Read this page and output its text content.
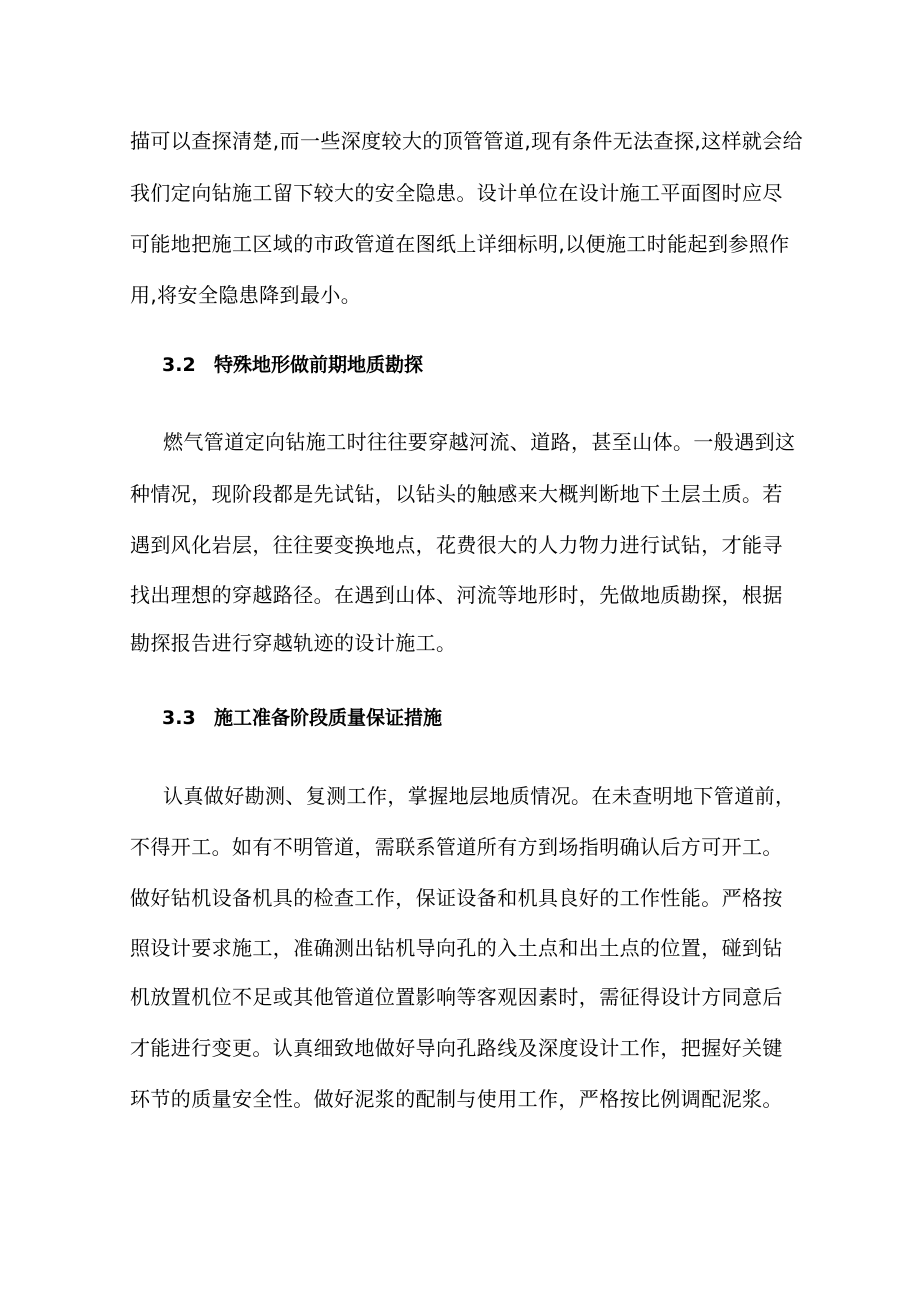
描可以查探清楚,而一些深度较大的顶管管道,现有条件无法查探,这样就会给
我们定向钻施工留下较大的安全隐患。设计单位在设计施工平面图时应尽
可能地把施工区域的市政管道在图纸上详细标明,以便施工时能起到参照作
用,将安全隐患降到最小。
3.2 特殊地形做前期地质勘探
燃气管道定向钻施工时往往要穿越河流、道路，甚至山体。一般遇到这
种情况，现阶段都是先试钻，以钻头的触感来大概判断地下土层土质。若
遇到风化岩层，往往要变换地点，花费很大的人力物力进行试钻，才能寻
找出理想的穿越路径。在遇到山体、河流等地形时，先做地质勘探，根据
勘探报告进行穿越轨迹的设计施工。
3.3 施工准备阶段质量保证措施
认真做好勘测、复测工作，掌握地层地质情况。在未查明地下管道前，
不得开工。如有不明管道，需联系管道所有方到场指明确认后方可开工。
做好钻机设备机具的检查工作，保证设备和机具良好的工作性能。严格按
照设计要求施工，准确测出钻机导向孔的入土点和出土点的位置，碰到钻
机放置机位不足或其他管道位置影响等客观因素时，需征得设计方同意后
才能进行变更。认真细致地做好导向孔路线及深度设计工作，把握好关键
环节的质量安全性。做好泥浆的配制与使用工作，严格按比例调配泥浆。
